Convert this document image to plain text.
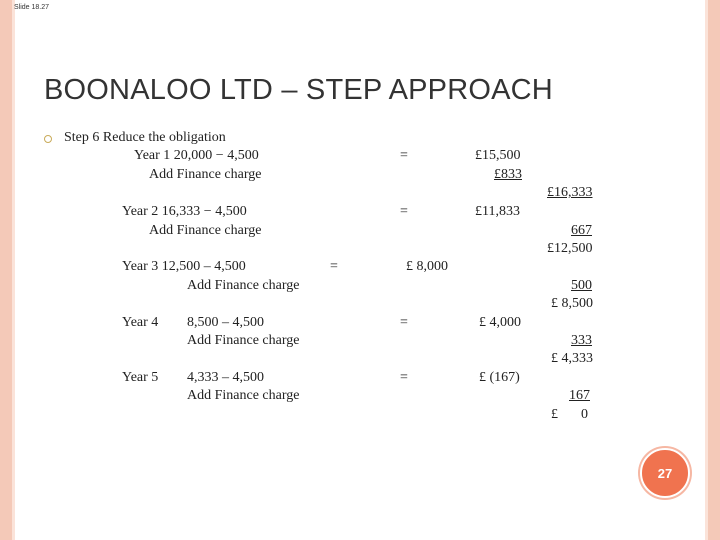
Slide 18.27
BOONALOO LTD – STEP APPROACH
Step 6 Reduce the obligation
Year 1 20,000 − 4,500	=	£15,500
Add Finance charge	£833
£16,333
Year 2 16,333 − 4,500	=	£11,833
Add Finance charge	667
£12,500
Year 3 12,500 – 4,500	=	£ 8,000
Add Finance charge	500
£ 8,500
Year 4 8,500 – 4,500	=	£ 4,000
Add Finance charge	333
£ 4,333
Year 5 4,333 – 4,500	=	£ (167)
Add Finance charge	167
£ 0
27
